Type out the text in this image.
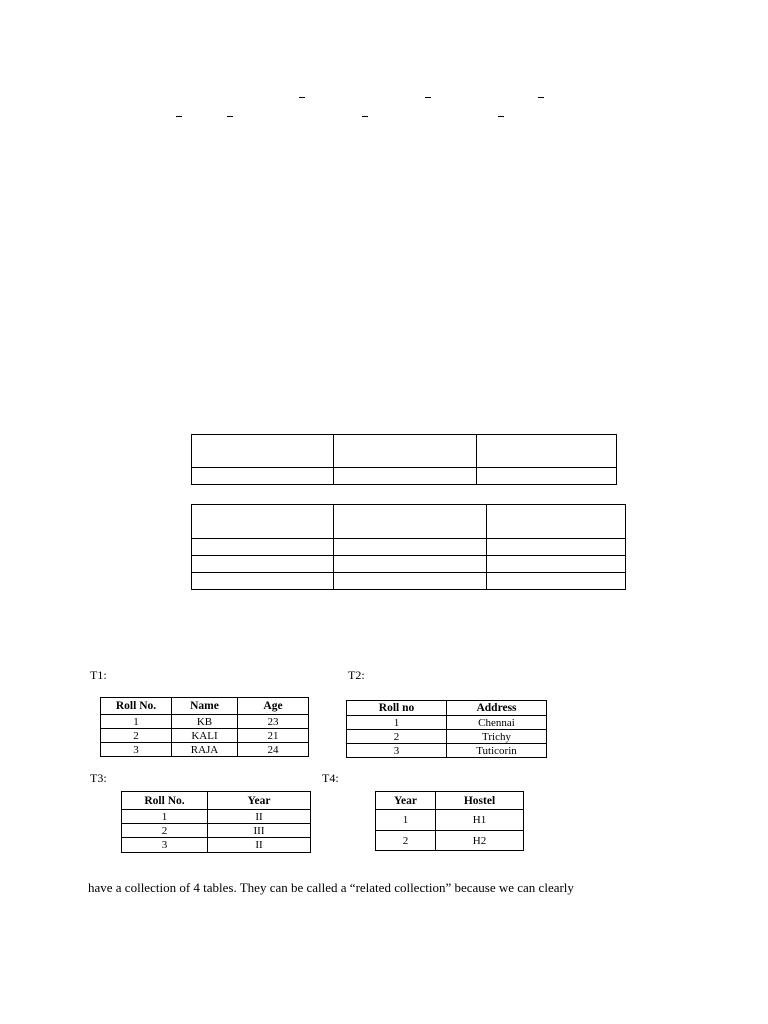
T1:	T2:
T3:	T4:
Roll No.	Name	Age
1	KB	23
2	KALI	21
3	RAJA	24
Roll no	Address
1	Chennai
2	Trichy
3	Tuticorin
Roll No.	Year
1	II
2	III
3	II
Year	Hostel
1	H1
2	H2
have a collection of 4 tables. They can be called a “related collection” because we can clearly
